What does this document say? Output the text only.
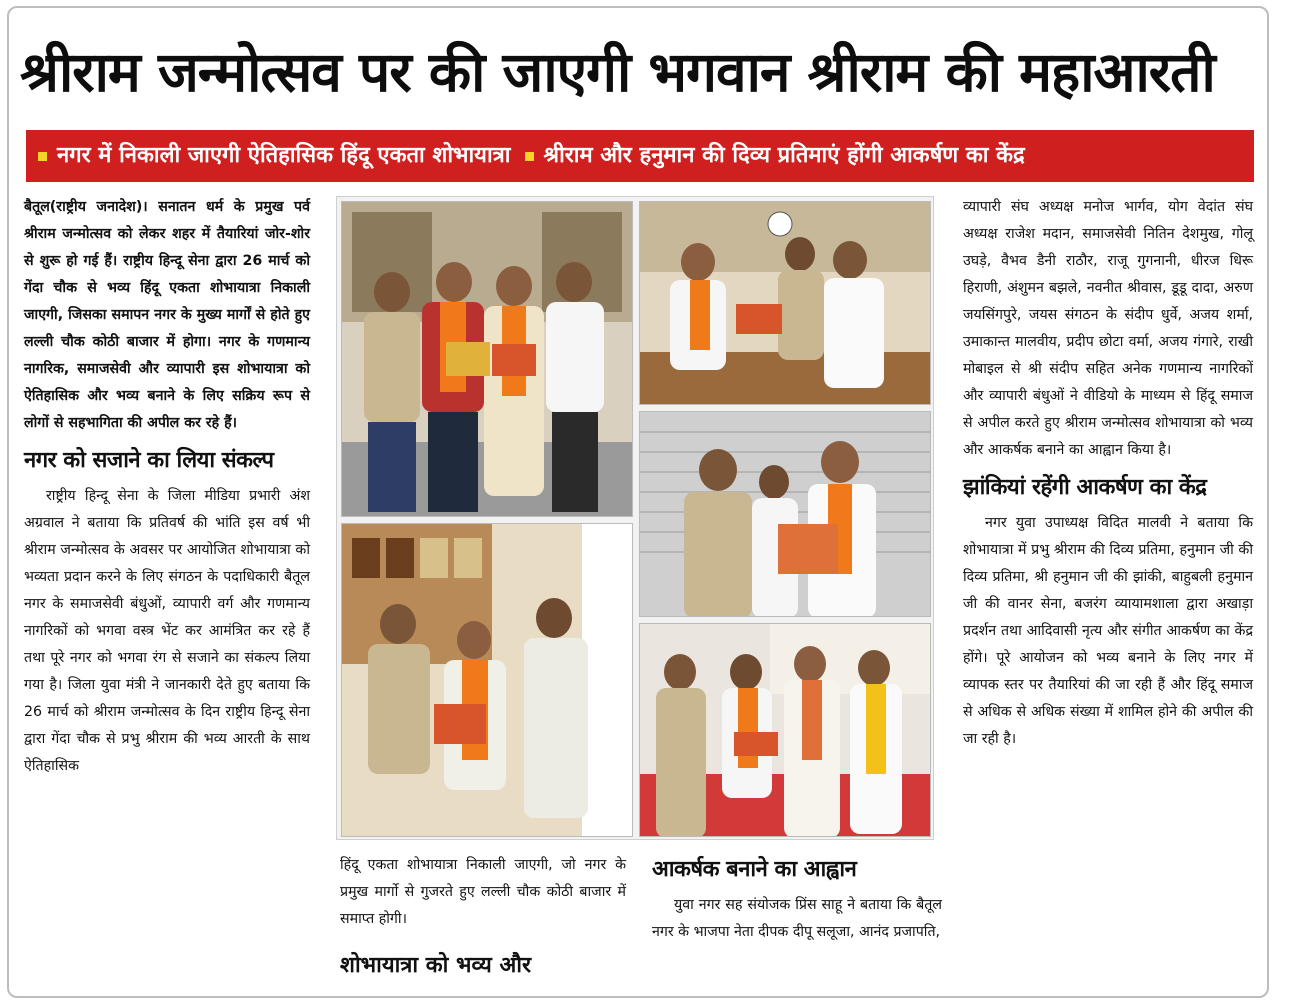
श्रीराम जन्मोत्सव पर की जाएगी भगवान श्रीराम की महाआरती
नगर में निकाली जाएगी ऐतिहासिक हिंदू एकता शोभायात्रा श्रीराम और हनुमान की दिव्य प्रतिमाएं होंगी आकर्षण का केंद्र

बैतूल(राष्ट्रीय जनादेश)। सनातन धर्म के प्रमुख पर्व श्रीराम जन्मोत्सव को लेकर शहर में तैयारियां जोर-शोर से शुरू हो गई हैं। राष्ट्रीय हिन्दू सेना द्वारा 26 मार्च को गेंदा चौक से भव्य हिंदू एकता शोभायात्रा निकाली जाएगी, जिसका समापन नगर के मुख्य मार्गों से होते हुए लल्ली चौक कोठी बाजार में होगा। नगर के गणमान्य नागरिक, समाजसेवी और व्यापारी इस शोभायात्रा को ऐतिहासिक और भव्य बनाने के लिए सक्रिय रूप से लोगों से सहभागिता की अपील कर रहे हैं।

नगर को सजाने का लिया संकल्प

राष्ट्रीय हिन्दू सेना के जिला मीडिया प्रभारी अंश अग्रवाल ने बताया कि प्रतिवर्ष की भांति इस वर्ष भी श्रीराम जन्मोत्सव के अवसर पर आयोजित शोभायात्रा को भव्यता प्रदान करने के लिए संगठन के पदाधिकारी बैतूल नगर के समाजसेवी बंधुओं, व्यापारी वर्ग और गणमान्य नागरिकों को भगवा वस्त्र भेंट कर आमंत्रित कर रहे हैं तथा पूरे नगर को भगवा रंग से सजाने का संकल्प लिया गया है। जिला युवा मंत्री ने जानकारी देते हुए बताया कि 26 मार्च को श्रीराम जन्मोत्सव के दिन राष्ट्रीय हिन्दू सेना द्वारा गेंदा चौक से प्रभु श्रीराम की भव्य आरती के साथ ऐतिहासिक

हिंदू एकता शोभायात्रा निकाली जाएगी, जो नगर के प्रमुख मार्गो से गुजरते हुए लल्ली चौक कोठी बाजार में समाप्त होगी।

शोभायात्रा को भव्य और
आकर्षक बनाने का आह्वान

युवा नगर सह संयोजक प्रिंस साहू ने बताया कि बैतूल नगर के भाजपा नेता दीपक दीपू सलूजा, आनंद प्रजापति,

व्यापारी संघ अध्यक्ष मनोज भार्गव, योग वेदांत संघ अध्यक्ष राजेश मदान, समाजसेवी नितिन देशमुख, गोलू उघड़े, वैभव डैनी राठौर, राजू गुगनानी, धीरज धिरू हिराणी, अंशुमन बझले, नवनीत श्रीवास, डूडू दादा, अरुण जयसिंगपुरे, जयस संगठन के संदीप धुर्वे, अजय शर्मा, उमाकान्त मालवीय, प्रदीप छोटा वर्मा, अजय गंगारे, राखी मोबाइल से श्री संदीप सहित अनेक गणमान्य नागरिकों और व्यापारी बंधुओं ने वीडियो के माध्यम से हिंदू समाज से अपील करते हुए श्रीराम जन्मोत्सव शोभायात्रा को भव्य और आकर्षक बनाने का आह्वान किया है।

झांकियां रहेंगी आकर्षण का केंद्र

नगर युवा उपाध्यक्ष विदित मालवी ने बताया कि शोभायात्रा में प्रभु श्रीराम की दिव्य प्रतिमा, हनुमान जी की दिव्य प्रतिमा, श्री हनुमान जी की झांकी, बाहुबली हनुमान जी की वानर सेना, बजरंग व्यायामशाला द्वारा अखाड़ा प्रदर्शन तथा आदिवासी नृत्य और संगीत आकर्षण का केंद्र होंगे। पूरे आयोजन को भव्य बनाने के लिए नगर में व्यापक स्तर पर तैयारियां की जा रही हैं और हिंदू समाज से अधिक से अधिक संख्या में शामिल होने की अपील की जा रही है।
